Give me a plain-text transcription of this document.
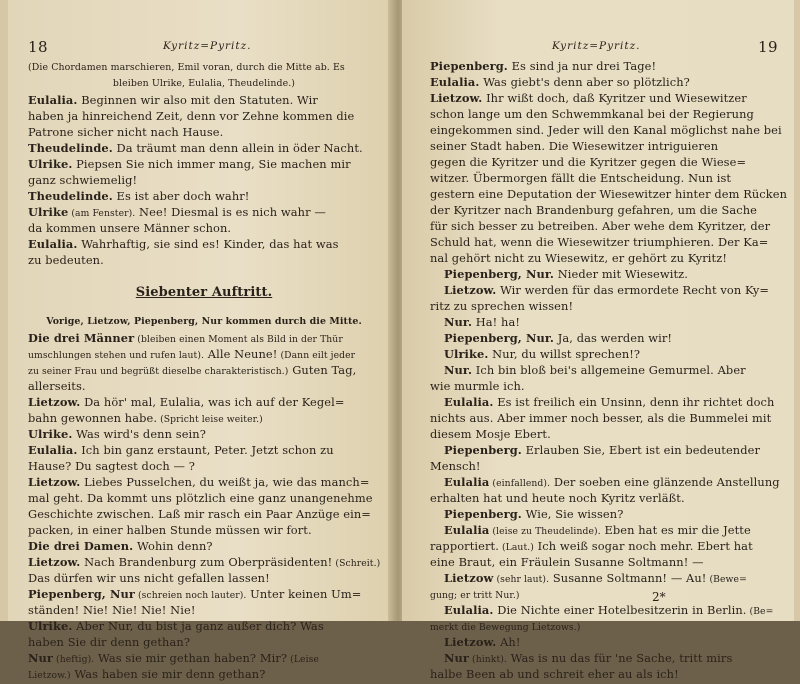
18	Kyritz=Pyritz.
(Die Chordamen marschieren, Emil voran, durch die Mitte ab. Es
bleiben Ulrike, Eulalia, Theudelinde.)
Eulalia. Beginnen wir also mit den Statuten. Wir
haben ja hinreichend Zeit, denn vor Zehne kommen die
Patrone sicher nicht nach Hause.
Theudelinde. Da träumt man denn allein in öder Nacht.
Ulrike. Piepsen Sie nich immer mang, Sie machen mir
ganz schwiemelig!
Theudelinde. Es ist aber doch wahr!
Ulrike (am Fenster). Nee! Diesmal is es nich wahr —
da kommen unsere Männer schon.
Eulalia. Wahrhaftig, sie sind es! Kinder, das hat was
zu bedeuten.
Siebenter Auftritt.
Vorige, Lietzow, Piepenberg, Nur kommen durch die Mitte.
Die drei Männer (bleiben einen Moment als Bild in der Thür
umschlungen stehen und rufen laut). Alle Neune! (Dann eilt jeder
zu seiner Frau und begrüßt dieselbe charakteristisch.) Guten Tag,
allerseits.
Lietzow. Da hör' mal, Eulalia, was ich auf der Kegel=
bahn gewonnen habe. (Spricht leise weiter.)
Ulrike. Was wird's denn sein?
Eulalia. Ich bin ganz erstaunt, Peter. Jetzt schon zu
Hause? Du sagtest doch — ?
Lietzow. Liebes Pusselchen, du weißt ja, wie das manch=
mal geht. Da kommt uns plötzlich eine ganz unangenehme
Geschichte zwischen. Laß mir rasch ein Paar Anzüge ein=
packen, in einer halben Stunde müssen wir fort.
Die drei Damen. Wohin denn?
Lietzow. Nach Brandenburg zum Oberpräsidenten! (Schreit.)
Das dürfen wir uns nicht gefallen lassen!
Piepenberg, Nur (schreien noch lauter). Unter keinen Um=
ständen! Nie! Nie! Nie! Nie!
Ulrike. Aber Nur, du bist ja ganz außer dich? Was
haben Sie dir denn gethan?
Nur (heftig). Was sie mir gethan haben? Mir? (Leise
Lietzow.) Was haben sie mir denn gethan?
Kyritz=Pyritz.	19
Piepenberg. Es sind ja nur drei Tage!
Eulalia. Was giebt's denn aber so plötzlich?
Lietzow. Ihr wißt doch, daß Kyritzer und Wiesewitzer
schon lange um den Schwemmkanal bei der Regierung
eingekommen sind. Jeder will den Kanal möglichst nahe bei
seiner Stadt haben. Die Wiesewitzer intriguieren
gegen die Kyritzer und die Kyritzer gegen die Wiese=
witzer. Übermorgen fällt die Entscheidung. Nun ist
gestern eine Deputation der Wiesewitzer hinter dem Rücken
der Kyritzer nach Brandenburg gefahren, um die Sache
für sich besser zu betreiben. Aber wehe dem Kyritzer, der
Schuld hat, wenn die Wiesewitzer triumphieren. Der Ka=
nal gehört nicht zu Wiesewitz, er gehört zu Kyritz!
Piepenberg, Nur. Nieder mit Wiesewitz.
Lietzow. Wir werden für das ermordete Recht von Ky=
ritz zu sprechen wissen!
Nur. Ha! ha!
Piepenberg, Nur. Ja, das werden wir!
Ulrike. Nur, du willst sprechen!?
Nur. Ich bin bloß bei's allgemeine Gemurmel. Aber
wie murmle ich.
Eulalia. Es ist freilich ein Unsinn, denn ihr richtet doch
nichts aus. Aber immer noch besser, als die Bummelei mit
diesem Mosje Ebert.
Piepenberg. Erlauben Sie, Ebert ist ein bedeutender
Mensch!
Eulalia (einfallend). Der soeben eine glänzende Anstellung
erhalten hat und heute noch Kyritz verläßt.
Piepenberg. Wie, Sie wissen?
Eulalia (leise zu Theudelinde). Eben hat es mir die Jette
rapportiert. (Laut.) Ich weiß sogar noch mehr. Ebert hat
eine Braut, ein Fräulein Susanne Soltmann! —
Lietzow (sehr laut). Susanne Soltmann! — Au! (Bewe=
gung; er tritt Nur.)
Eulalia. Die Nichte einer Hotelbesitzerin in Berlin. (Be=
merkt die Bewegung Lietzows.)
Lietzow. Ah!
Nur (hinkt). Was is nu das für 'ne Sache, tritt mirs
halbe Been ab und schreit eher au als ich!
2*
